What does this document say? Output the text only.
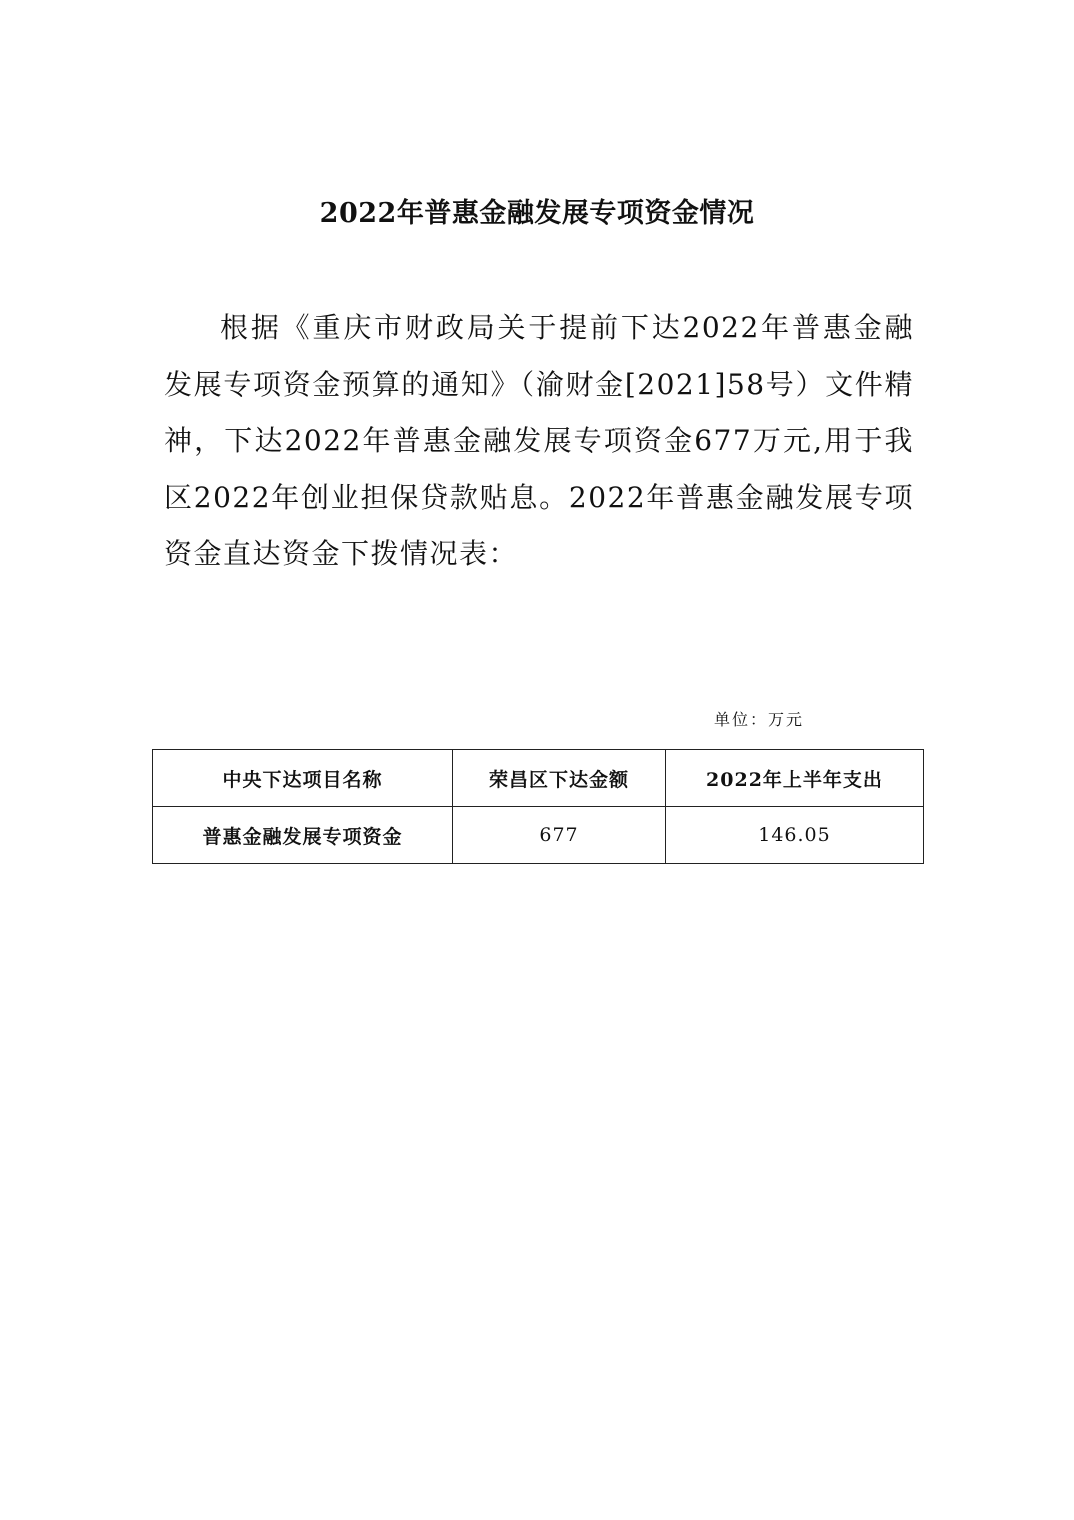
2022年普惠金融发展专项资金情况

根据《重庆市财政局关于提前下达2022年普惠金融发展专项资金预算的通知》（渝财金[2021]58号）文件精神，下达2022年普惠金融发展专项资金677万元,用于我区2022年创业担保贷款贴息。2022年普惠金融发展专项资金直达资金下拨情况表：

单位：万元
中央下达项目名称	荣昌区下达金额	2022年上半年支出
普惠金融发展专项资金	677	146.05
